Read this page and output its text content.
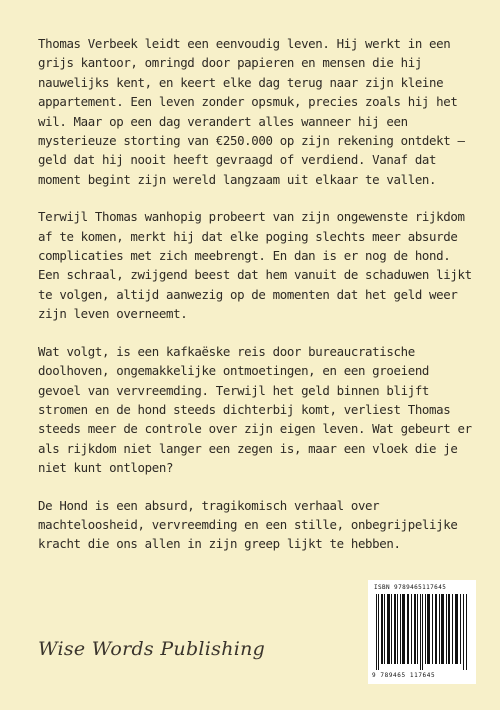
Thomas Verbeek leidt een eenvoudig leven. Hij werkt in een grijs kantoor, omringd door papieren en mensen die hij nauwelijks kent, en keert elke dag terug naar zijn kleine appartement. Een leven zonder opsmuk, precies zoals hij het wil. Maar op een dag verandert alles wanneer hij een mysterieuze storting van €250.000 op zijn rekening ontdekt – geld dat hij nooit heeft gevraagd of verdiend. Vanaf dat moment begint zijn wereld langzaam uit elkaar te vallen.

Terwijl Thomas wanhopig probeert van zijn ongewenste rijkdom af te komen, merkt hij dat elke poging slechts meer absurde complicaties met zich meebrengt. En dan is er nog de hond. Een schraal, zwijgend beest dat hem vanuit de schaduwen lijkt te volgen, altijd aanwezig op de momenten dat het geld weer zijn leven overneemt.

Wat volgt, is een kafkaëske reis door bureaucratische doolhoven, ongemakkelijke ontmoetingen, en een groeiend gevoel van vervreemding. Terwijl het geld binnen blijft stromen en de hond steeds dichterbij komt, verliest Thomas steeds meer de controle over zijn eigen leven. Wat gebeurt er als rijkdom niet langer een zegen is, maar een vloek die je niet kunt ontlopen?

De Hond is een absurd, tragikomisch verhaal over machteloosheid, vervreemding en een stille, onbegrijpelijke kracht die ons allen in zijn greep lijkt te hebben.

Wise Words Publishing
ISBN 9789465117645
9 789465 117645
